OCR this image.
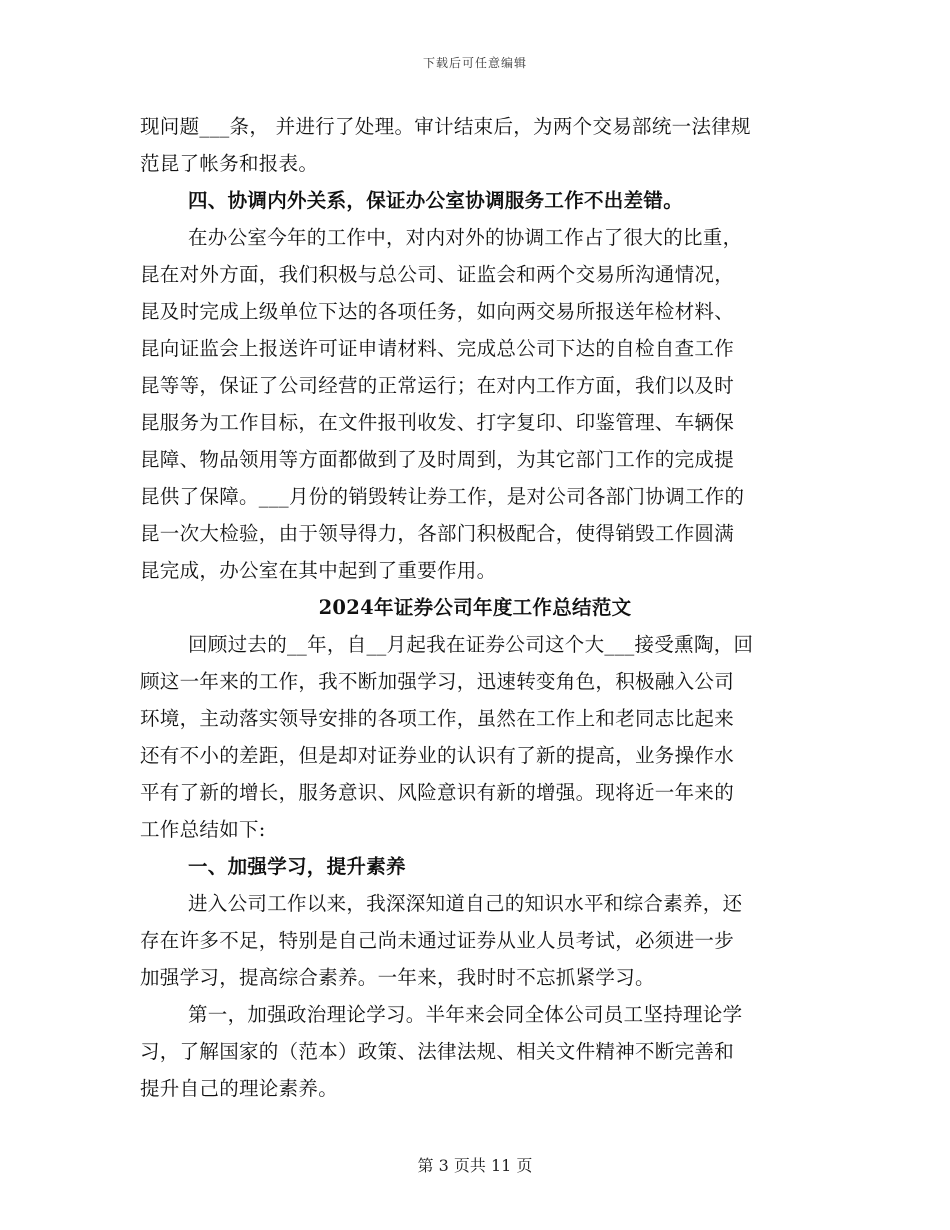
下载后可任意编辑
现问题___条， 并进行了处理。审计结束后，为两个交易部统一法律规
范昆了帐务和报表。
四、协调内外关系，保证办公室协调服务工作不出差错。
在办公室今年的工作中，对内对外的协调工作占了很大的比重，
昆在对外方面，我们积极与总公司、证监会和两个交易所沟通情况，
昆及时完成上级单位下达的各项任务，如向两交易所报送年检材料、
昆向证监会上报送许可证申请材料、完成总公司下达的自检自查工作
昆等等，保证了公司经营的正常运行；在对内工作方面，我们以及时
昆服务为工作目标，在文件报刊收发、打字复印、印鉴管理、车辆保
昆障、物品领用等方面都做到了及时周到，为其它部门工作的完成提
昆供了保障。___月份的销毁转让券工作，是对公司各部门协调工作的
昆一次大检验，由于领导得力，各部门积极配合，使得销毁工作圆满
昆完成，办公室在其中起到了重要作用。
2024年证券公司年度工作总结范文
回顾过去的__年，自__月起我在证券公司这个大___接受熏陶，回
顾这一年来的工作，我不断加强学习，迅速转变角色，积极融入公司
环境，主动落实领导安排的各项工作，虽然在工作上和老同志比起来
还有不小的差距，但是却对证券业的认识有了新的提高，业务操作水
平有了新的增长，服务意识、风险意识有新的增强。现将近一年来的
工作总结如下:
一、加强学习，提升素养
进入公司工作以来，我深深知道自己的知识水平和综合素养，还
存在许多不足，特别是自己尚未通过证券从业人员考试，必须进一步
加强学习，提高综合素养。一年来，我时时不忘抓紧学习。
第一，加强政治理论学习。半年来会同全体公司员工坚持理论学
习，了解国家的（范本）政策、法律法规、相关文件精神不断完善和
提升自己的理论素养。
第 3 页共 11 页
